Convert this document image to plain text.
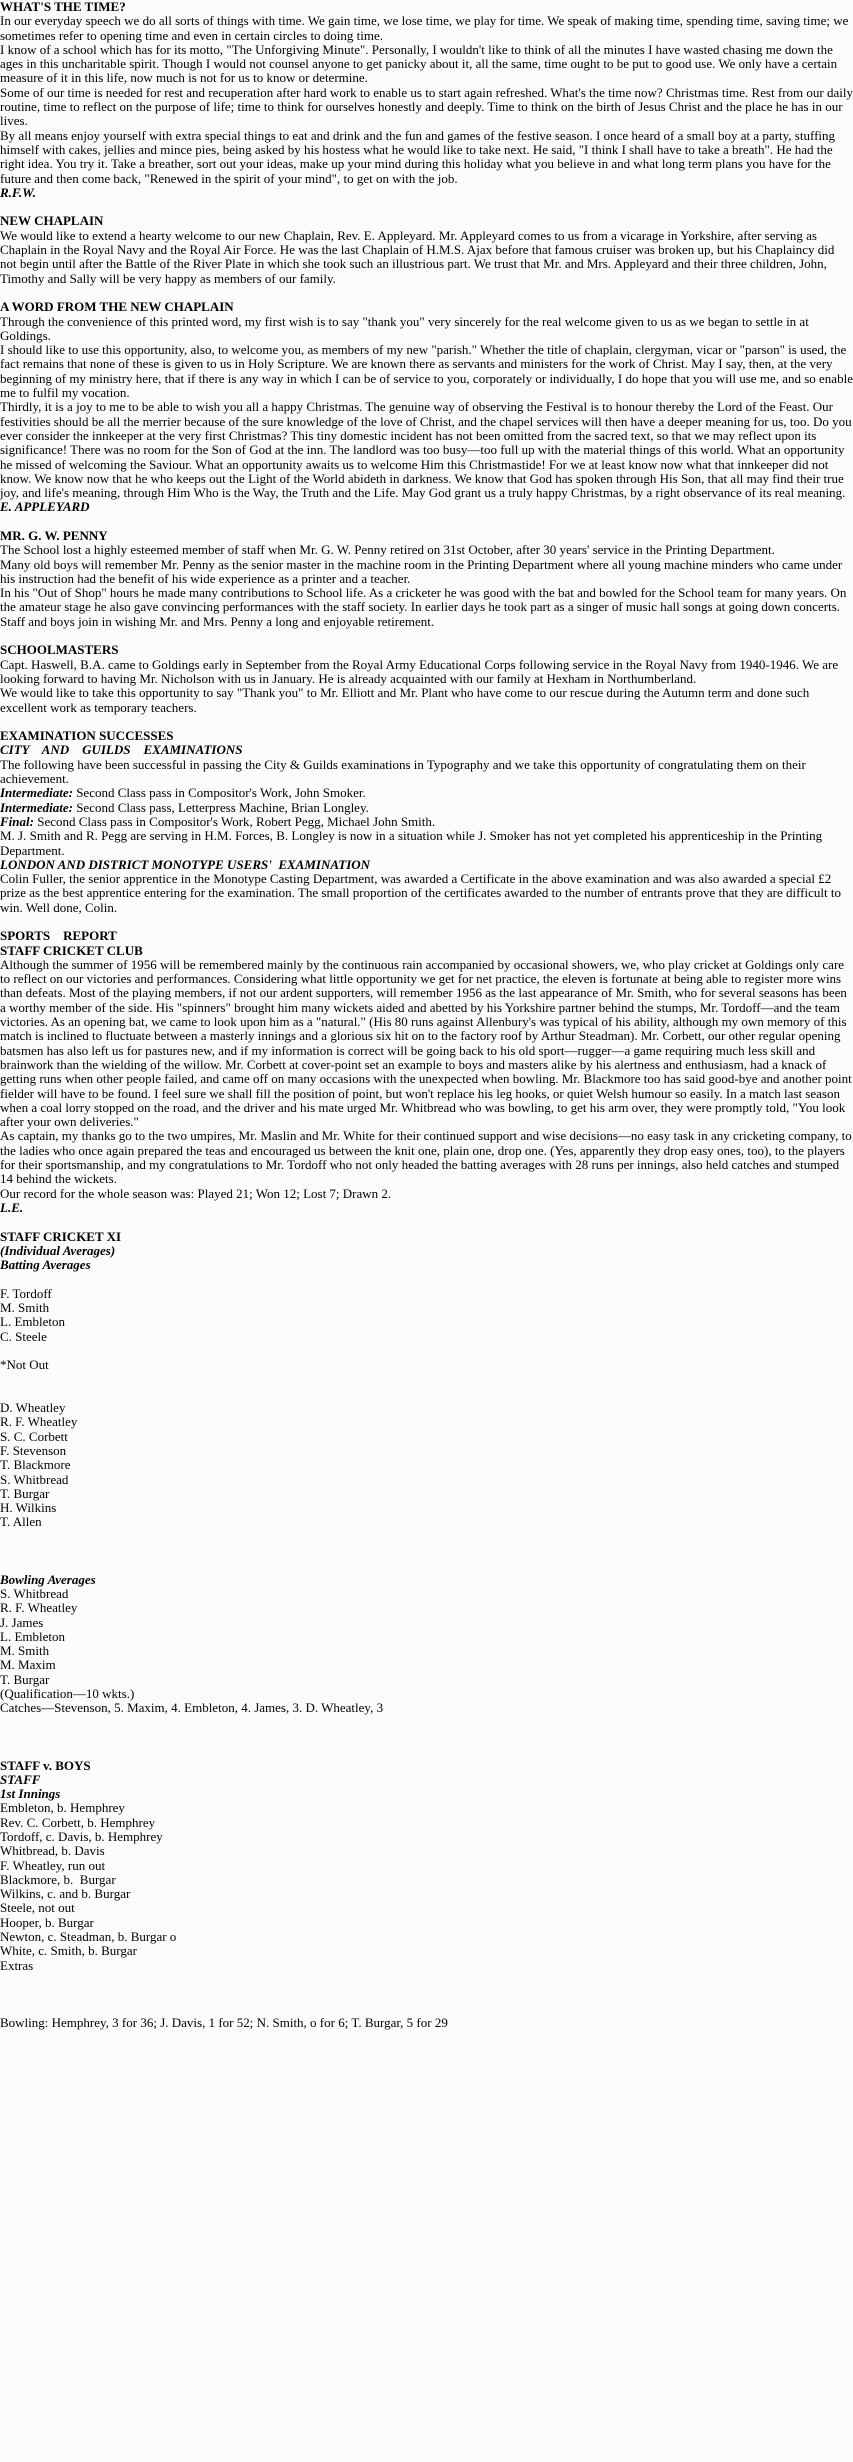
WHAT'S THE TIME?

In our everyday speech we do all sorts of things with time. We gain time, we lose time, we play for time. We speak of making time, spending time, saving time; we sometimes refer to opening time and even in certain circles to doing time.

I know of a school which has for its motto, "The Unforgiving Minute". Personally, I wouldn't like to think of all the minutes I have wasted chasing me down the ages in this uncharitable spirit. Though I would not counsel anyone to get panicky about it, all the same, time ought to be put to good use. We only have a certain measure of it in this life, now much is not for us to know or determine.

Some of our time is needed for rest and recuperation after hard work to enable us to start again refreshed. What's the time now? Christmas time. Rest from our daily routine, time to reflect on the purpose of life; time to think for ourselves honestly and deeply. Time to think on the birth of Jesus Christ and the place he has in our lives.

By all means enjoy yourself with extra special things to eat and drink and the fun and games of the festive season. I once heard of a small boy at a party, stuffing himself with cakes, jellies and mince pies, being asked by his hostess what he would like to take next. He said, "I think I shall have to take a breath". He had the right idea. You try it. Take a breather, sort out your ideas, make up your mind during this holiday what you believe in and what long term plans you have for the future and then come back, "Renewed in the spirit of your mind", to get on with the job.

R.F.W.

NEW CHAPLAIN

We would like to extend a hearty welcome to our new Chaplain, Rev. E. Appleyard. Mr. Appleyard comes to us from a vicarage in Yorkshire, after serving as Chaplain in the Royal Navy and the Royal Air Force. He was the last Chaplain of H.M.S. Ajax before that famous cruiser was broken up, but his Chaplaincy did not begin until after the Battle of the River Plate in which she took such an illustrious part. We trust that Mr. and Mrs. Appleyard and their three children, John, Timothy and Sally will be very happy as members of our family.

A WORD FROM THE NEW CHAPLAIN

Through the convenience of this printed word, my first wish is to say "thank you" very sincerely for the real welcome given to us as we began to settle in at Goldings.

I should like to use this opportunity, also, to welcome you, as members of my new "parish." Whether the title of chaplain, clergyman, vicar or "parson" is used, the fact remains that none of these is given to us in Holy Scripture. We are known there as servants and ministers for the work of Christ. May I say, then, at the very beginning of my ministry here, that if there is any way in which I can be of service to you, corporately or individually, I do hope that you will use me, and so enable me to fulfil my vocation.

Thirdly, it is a joy to me to be able to wish you all a happy Christmas. The genuine way of observing the Festival is to honour thereby the Lord of the Feast. Our festivities should be all the merrier because of the sure knowledge of the love of Christ, and the chapel services will then have a deeper meaning for us, too. Do you ever consider the innkeeper at the very first Christmas? This tiny domestic incident has not been omitted from the sacred text, so that we may reflect upon its significance! There was no room for the Son of God at the inn. The landlord was too busy—too full up with the material things of this world. What an opportunity he missed of welcoming the Saviour. What an opportunity awaits us to welcome Him this Christmastide! For we at least know now what that innkeeper did not know. We know now that he who keeps out the Light of the World abideth in darkness. We know that God has spoken through His Son, that all may find their true joy, and life's meaning, through Him Who is the Way, the Truth and the Life. May God grant us a truly happy Christmas, by a right observance of its real meaning.

E. APPLEYARD

MR. G. W. PENNY

The School lost a highly esteemed member of staff when Mr. G. W. Penny retired on 31st October, after 30 years' service in the Printing Department.

Many old boys will remember Mr. Penny as the senior master in the machine room in the Printing Department where all young machine minders who came under his instruction had the benefit of his wide experience as a printer and a teacher.

In his "Out of Shop" hours he made many contributions to School life. As a cricketer he was good with the bat and bowled for the School team for many years. On the amateur stage he also gave convincing performances with the staff society. In earlier days he took part as a singer of music hall songs at going down concerts.

Staff and boys join in wishing Mr. and Mrs. Penny a long and enjoyable retirement.

SCHOOLMASTERS

Capt. Haswell, B.A. came to Goldings early in September from the Royal Army Educational Corps following service in the Royal Navy from 1940-1946. We are looking forward to having Mr. Nicholson with us in January. He is already acquainted with our family at Hexham in Northumberland.

We would like to take this opportunity to say "Thank you" to Mr. Elliott and Mr. Plant who have come to our rescue during the Autumn term and done such excellent work as temporary teachers.

EXAMINATION SUCCESSES

CITY    AND    GUILDS    EXAMINATIONS

The following have been successful in passing the City & Guilds examinations in Typography and we take this opportunity of congratulating them on their achievement.

Intermediate: Second Class pass in Compositor's Work, John Smoker.

Intermediate: Second Class pass, Letterpress Machine, Brian Longley.

Final: Second Class pass in Compositor's Work, Robert Pegg, Michael John Smith.

M. J. Smith and R. Pegg are serving in H.M. Forces, B. Longley is now in a situation while J. Smoker has not yet completed his apprenticeship in the Printing Department.

LONDON AND DISTRICT MONOTYPE USERS'  EXAMINATION

Colin Fuller, the senior apprentice in the Monotype Casting Department, was awarded a Certificate in the above examination and was also awarded a special £2 prize as the best apprentice entering for the examination. The small proportion of the certificates awarded to the number of entrants prove that they are difficult to win. Well done, Colin.

SPORTS    REPORT

STAFF CRICKET CLUB

Although the summer of 1956 will be remembered mainly by the continuous rain accompanied by occasional showers, we, who play cricket at Goldings only care to reflect on our victories and performances. Considering what little opportunity we get for net practice, the eleven is fortunate at being able to register more wins than defeats. Most of the playing members, if not our ardent supporters, will remember 1956 as the last appearance of Mr. Smith, who for several seasons has been a worthy member of the side. His "spinners" brought him many wickets aided and abetted by his Yorkshire partner behind the stumps, Mr. Tordoff—and the team victories. As an opening bat, we came to look upon him as a "natural." (His 80 runs against Allenbury's was typical of his ability, although my own memory of this match is inclined to fluctuate between a masterly innings and a glorious six hit on to the factory roof by Arthur Steadman). Mr. Corbett, our other regular opening batsmen has also left us for pastures new, and if my information is correct will be going back to his old sport—rugger—a game requiring much less skill and brainwork than the wielding of the willow. Mr. Corbett at cover-point set an example to boys and masters alike by his alertness and enthusiasm, had a knack of getting runs when other people failed, and came off on many occasions with the unexpected when bowling. Mr. Blackmore too has said good-bye and another point fielder will have to be found. I feel sure we shall fill the position of point, but won't replace his leg hooks, or quiet Welsh humour so easily. In a match last season when a coal lorry stopped on the road, and the driver and his mate urged Mr. Whitbread who was bowling, to get his arm over, they were promptly told, "You look after your own deliveries."

As captain, my thanks go to the two umpires, Mr. Maslin and Mr. White for their continued support and wise decisions—no easy task in any cricketing company, to the ladies who once again prepared the teas and encouraged us between the knit one, plain one, drop one. (Yes, apparently they drop easy ones, too), to the players for their sportsmanship, and my congratulations to Mr. Tordoff who not only headed the batting averages with 28 runs per innings, also held catches and stumped 14 behind the wickets.

Our record for the whole season was: Played 21; Won 12; Lost 7; Drawn 2.

L.E.

STAFF CRICKET XI

(Individual Averages)

Batting Averages

F. Tordoff

M. Smith

L. Embleton

C. Steele

*Not Out

D. Wheatley

R. F. Wheatley

S. C. Corbett

F. Stevenson

T. Blackmore

S. Whitbread

T. Burgar

H. Wilkins

T. Allen

Bowling Averages

S. Whitbread

R. F. Wheatley

J. James

L. Embleton

M. Smith

M. Maxim

T. Burgar

(Qualification—10 wkts.)

Catches—Stevenson, 5. Maxim, 4. Embleton, 4. James, 3. D. Wheatley, 3

STAFF v. BOYS

STAFF

1st Innings

Embleton, b. Hemphrey

Rev. C. Corbett, b. Hemphrey

Tordoff, c. Davis, b. Hemphrey

Whitbread, b. Davis

F. Wheatley, run out

Blackmore, b.  Burgar

Wilkins, c. and b. Burgar

Steele, not out

Hooper, b. Burgar

Newton, c. Steadman, b. Burgar o

White, c. Smith, b. Burgar

Extras

Bowling: Hemphrey, 3 for 36; J. Davis, 1 for 52; N. Smith, o for 6; T. Burgar, 5 for 29
